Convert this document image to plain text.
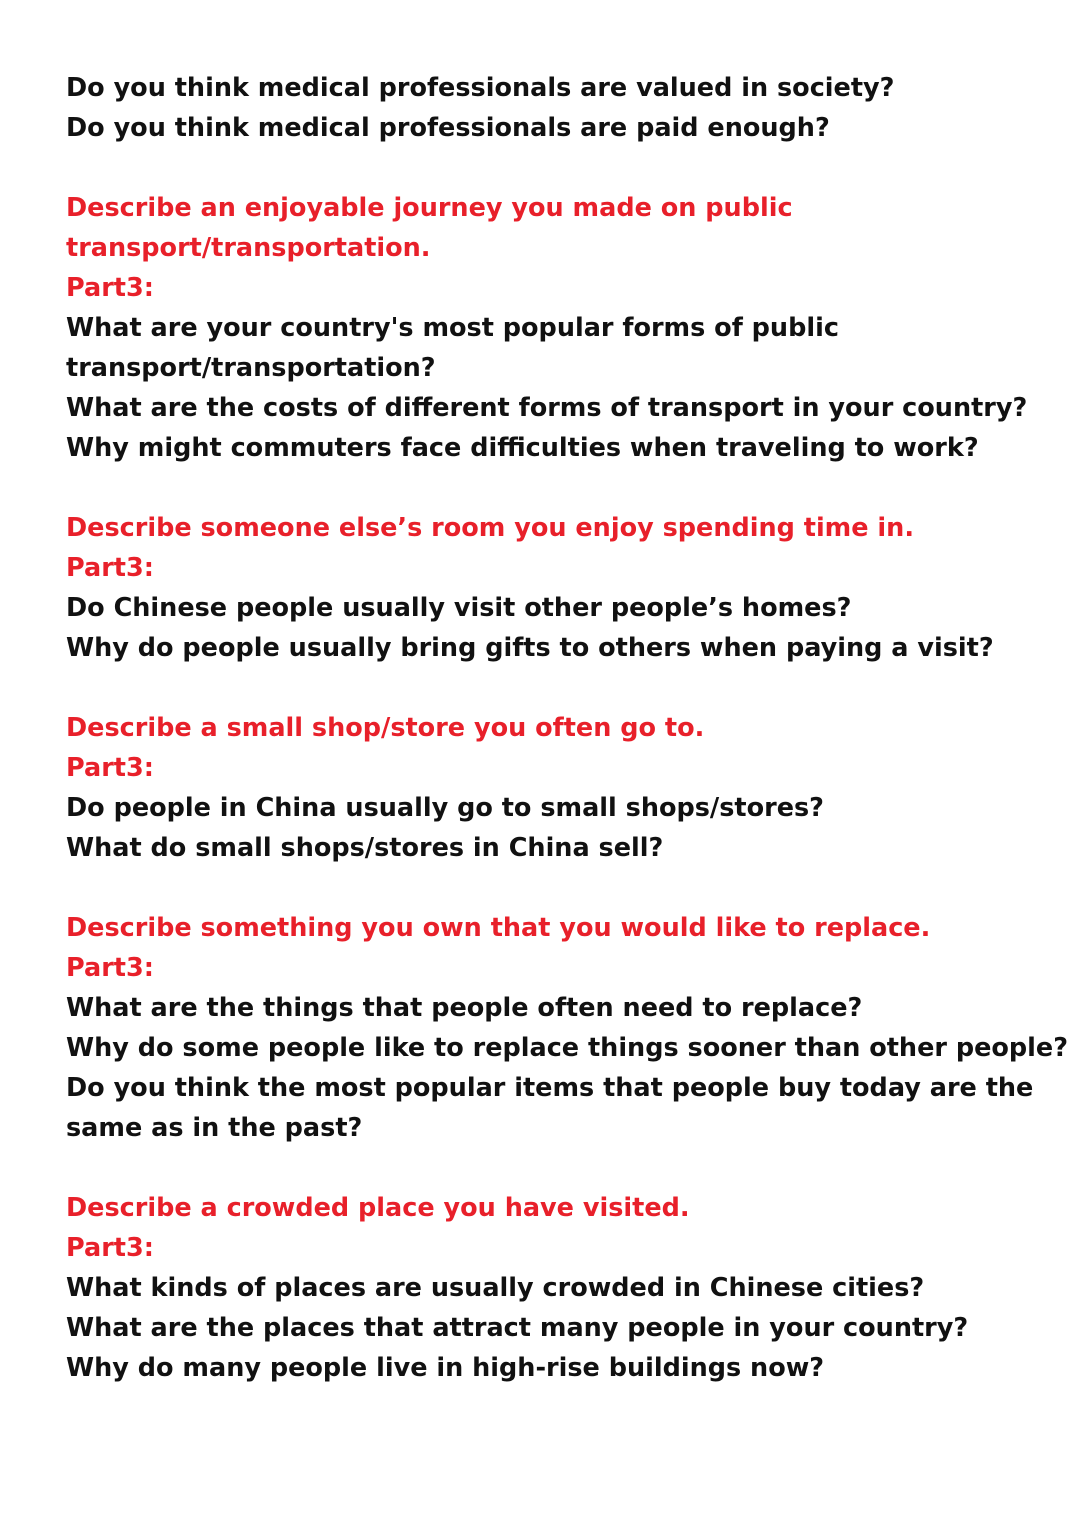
Do you think medical professionals are valued in society?
Do you think medical professionals are paid enough?
Describe an enjoyable journey you made on public
transport/transportation.
Part3:
What are your country's most popular forms of public
transport/transportation?
What are the costs of different forms of transport in your country?
Why might commuters face difficulties when traveling to work?
Describe someone else’s room you enjoy spending time in.
Part3:
Do Chinese people usually visit other people’s homes?
Why do people usually bring gifts to others when paying a visit?
Describe a small shop/store you often go to.
Part3:
Do people in China usually go to small shops/stores?
What do small shops/stores in China sell?
Describe something you own that you would like to replace.
Part3:
What are the things that people often need to replace?
Why do some people like to replace things sooner than other people?
Do you think the most popular items that people buy today are the
same as in the past?
Describe a crowded place you have visited.
Part3:
What kinds of places are usually crowded in Chinese cities?
What are the places that attract many people in your country?
Why do many people live in high-rise buildings now?
